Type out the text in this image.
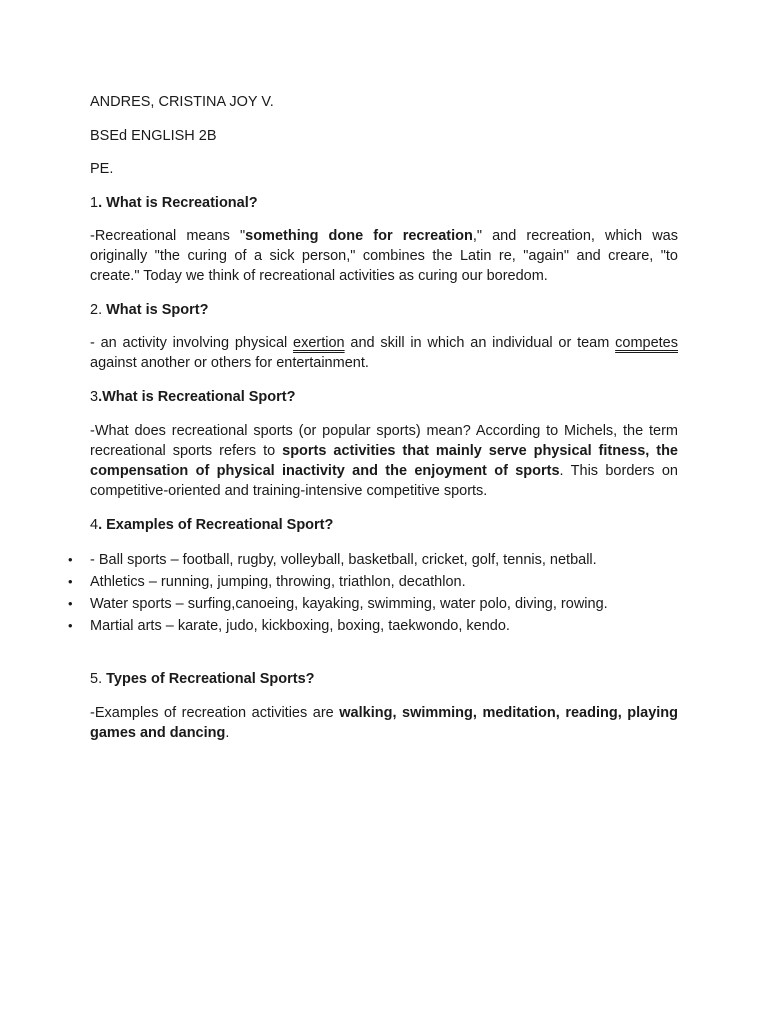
ANDRES, CRISTINA JOY V.

BSEd ENGLISH 2B

PE.

1. What is Recreational?

-Recreational means "something done for recreation," and recreation, which was originally "the curing of a sick person," combines the Latin re, "again" and creare, "to create." Today we think of recreational activities as curing our boredom.

2. What is Sport?

- an activity involving physical exertion and skill in which an individual or team competes against another or others for entertainment.

3.What is Recreational Sport?

-What does recreational sports (or popular sports) mean? According to Michels, the term recreational sports refers to sports activities that mainly serve physical fitness, the compensation of physical inactivity and the enjoyment of sports. This borders on competitive-oriented and training-intensive competitive sports.

4. Examples of Recreational Sport?

• - Ball sports – football, rugby, volleyball, basketball, cricket, golf, tennis, netball.
• Athletics – running, jumping, throwing, triathlon, decathlon.
• Water sports – surfing,canoeing, kayaking, swimming, water polo, diving, rowing.
• Martial arts – karate, judo, kickboxing, boxing, taekwondo, kendo.

5. Types of Recreational Sports?

-Examples of recreation activities are walking, swimming, meditation, reading, playing games and dancing.
